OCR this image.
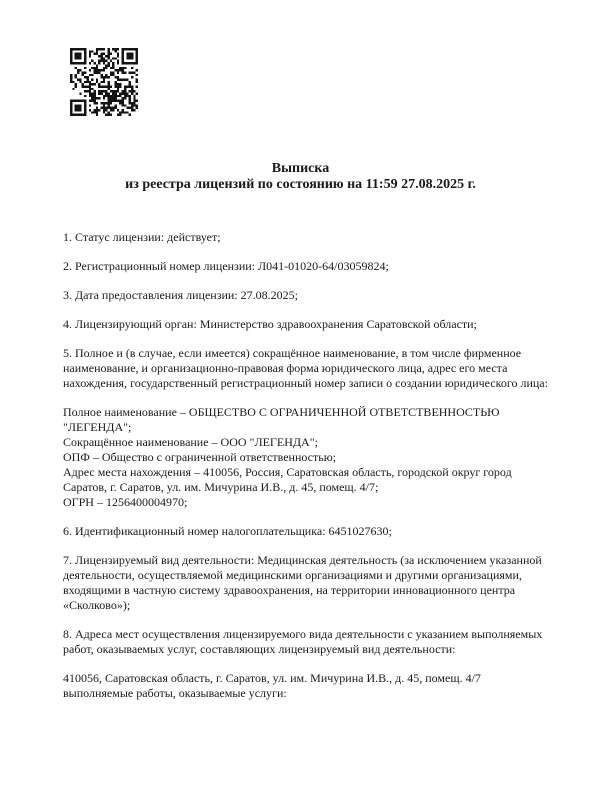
Выписка
из реестра лицензий по состоянию на 11:59 27.08.2025 г.
1. Статус лицензии: действует;
2. Регистрационный номер лицензии: Л041-01020-64/03059824;
3. Дата предоставления лицензии: 27.08.2025;
4. Лицензирующий орган: Министерство здравоохранения Саратовской области;
5. Полное и (в случае, если имеется) сокращённое наименование, в том числе фирменное
наименование, и организационно-правовая форма юридического лица, адрес его места
нахождения, государственный регистрационный номер записи о создании юридического лица:
Полное наименование – ОБЩЕСТВО С ОГРАНИЧЕННОЙ ОТВЕТСТВЕННОСТЬЮ
"ЛЕГЕНДА";
Сокращённое наименование – ООО "ЛЕГЕНДА";
ОПФ – Общество с ограниченной ответственностью;
Адрес места нахождения – 410056, Россия, Саратовская область, городской округ город
Саратов, г. Саратов, ул. им. Мичурина И.В., д. 45, помещ. 4/7;
ОГРН – 1256400004970;
6. Идентификационный номер налогоплательщика: 6451027630;
7. Лицензируемый вид деятельности: Медицинская деятельность (за исключением указанной
деятельности, осуществляемой медицинскими организациями и другими организациями,
входящими в частную систему здравоохранения, на территории инновационного центра
«Сколково»);
8. Адреса мест осуществления лицензируемого вида деятельности с указанием выполняемых
работ, оказываемых услуг, составляющих лицензируемый вид деятельности:
410056, Саратовская область, г. Саратов, ул. им. Мичурина И.В., д. 45, помещ. 4/7
выполняемые работы, оказываемые услуги:
